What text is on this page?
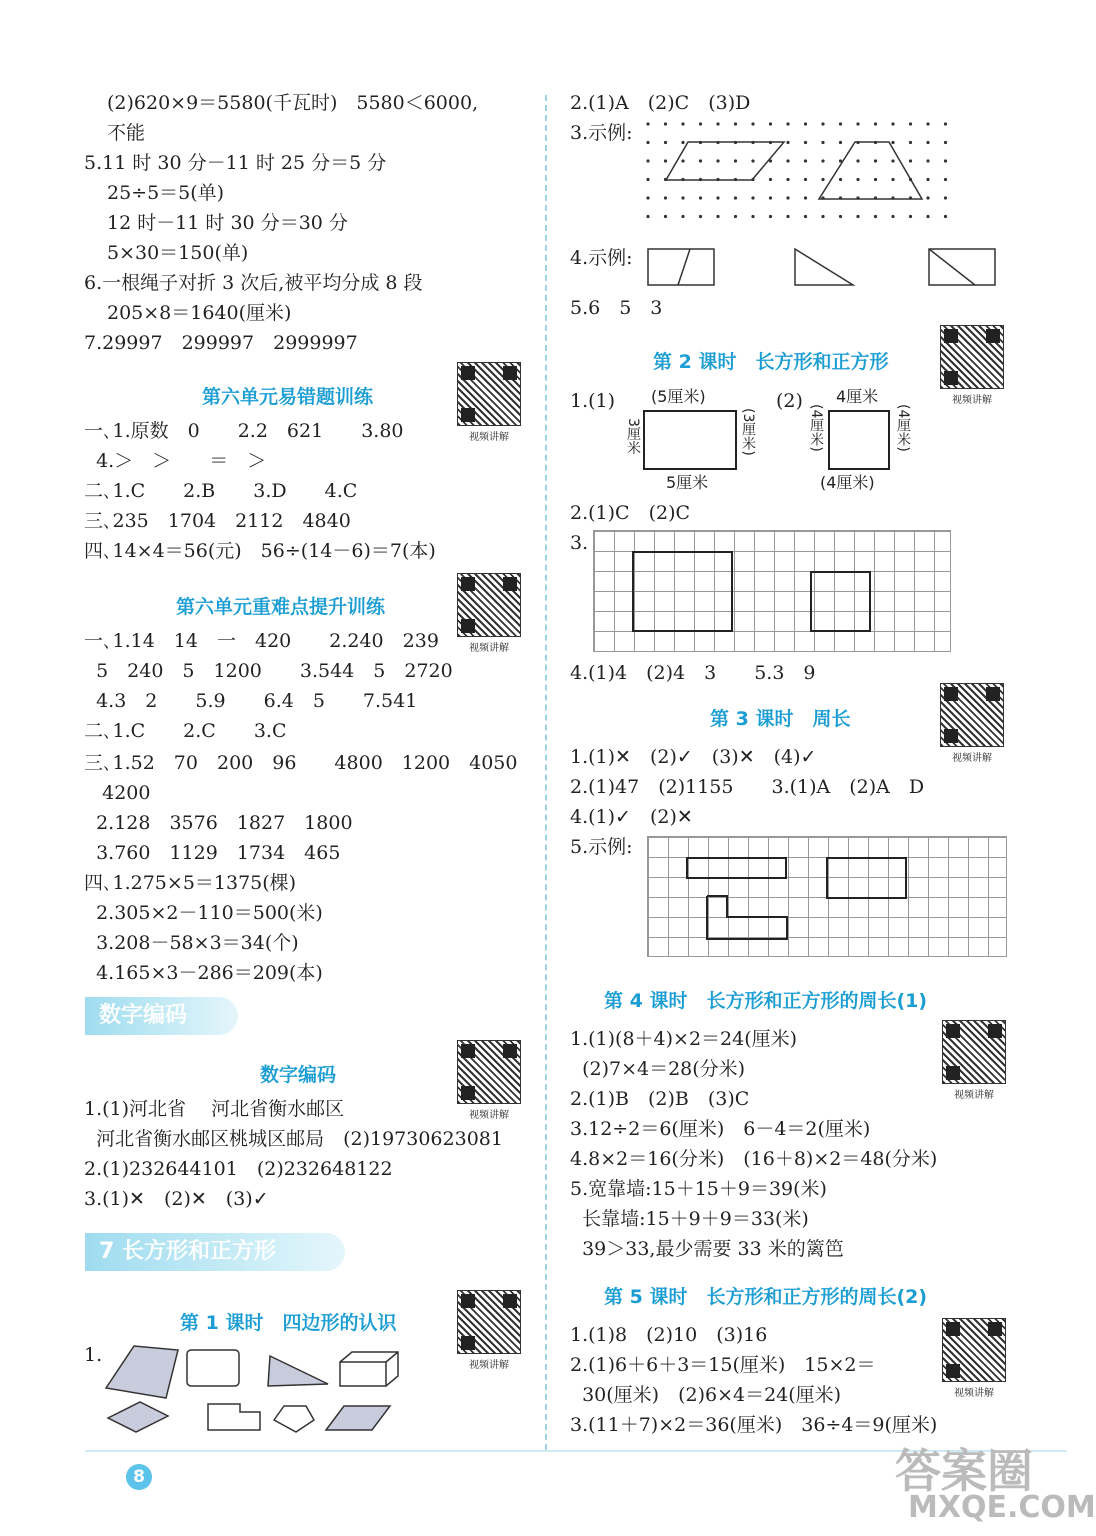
(2)620×9＝5580(千瓦时)　5580＜6000,
不能
5.11 时 30 分－11 时 25 分＝5 分
25÷5＝5(单)
12 时－11 时 30 分＝30 分
5×30＝150(单)
6.一根绳子对折 3 次后,被平均分成 8 段
205×8＝1640(厘米)
7.29997　299997　2999997
第六单元易错题训练
视频讲解
一､1.原数　0　　2.2　621　　3.80
4.＞　＞　　＝　＞
二､1.C　　2.B　　3.D　　4.C
三､235　1704　2112　4840
四､14×4＝56(元)　56÷(14－6)＝7(本)
第六单元重难点提升训练
视频讲解
一､1.14　14　一　420　　2.240　239
5　240　5　1200　　3.544　5　2720
4.3　2　　5.9　　6.4　5　　7.541
二､1.C　　2.C　　3.C
三､1.52　70　200　96　　4800　1200　4050
4200
2.128　3576　1827　1800
3.760　1129　1734　465
四､1.275×5＝1375(棵)
2.305×2－110＝500(米)
3.208－58×3＝34(个)
4.165×3－286＝209(本)
数字编码
数字编码
视频讲解
1.(1)河北省　 河北省衡水邮区
河北省衡水邮区桃城区邮局　(2)19730623081
2.(1)232644101　(2)232648122
3.(1)✕　(2)✕　(3)✓
7 长方形和正方形
第 1 课时　四边形的认识
视频讲解
1.
2.(1)A　(2)C　(3)D
3.示例:
4.示例:
5.6　5　3
第 2 课时　长方形和正方形
视频讲解
1.(1) (5厘米)
3厘米	(3厘米)
5厘米
(2) 4厘米
(4厘米)	(4厘米)
(4厘米)
2.(1)C　(2)C
3.
4.(1)4　(2)4　3　　5.3　9
第 3 课时　周长
视频讲解
1.(1)✕　(2)✓　(3)✕　(4)✓
2.(1)47　(2)1155　　3.(1)A　(2)A　D
4.(1)✓　(2)✕
5.示例:
第 4 课时　长方形和正方形的周长(1)
视频讲解
1.(1)(8＋4)×2＝24(厘米)
(2)7×4＝28(分米)
2.(1)B　(2)B　(3)C
3.12÷2＝6(厘米)　6－4＝2(厘米)
4.8×2＝16(分米)　(16＋8)×2＝48(分米)
5.宽靠墙:15＋15＋9＝39(米)
长靠墙:15＋9＋9＝33(米)
39＞33,最少需要 33 米的篱笆
第 5 课时　长方形和正方形的周长(2)
视频讲解
1.(1)8　(2)10　(3)16
2.(1)6＋6＋3＝15(厘米)　15×2＝
30(厘米)　(2)6×4＝24(厘米)
3.(11＋7)×2＝36(厘米)　36÷4＝9(厘米)
8	答案圈
MXQE.COM
